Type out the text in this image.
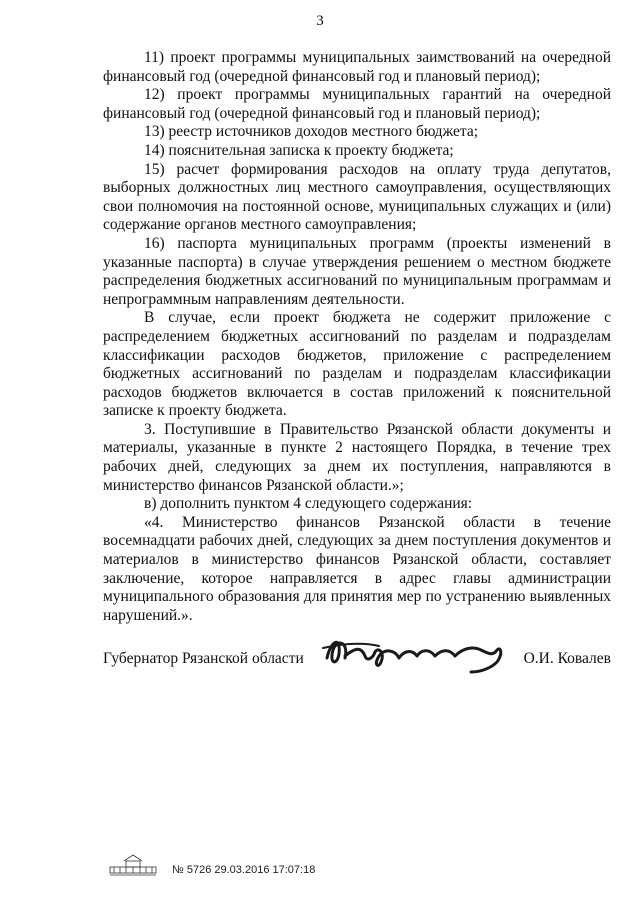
3

11) проект программы муниципальных заимствований на очередной финансовый год (очередной финансовый год и плановый период);

12) проект программы муниципальных гарантий на очередной финансовый год (очередной финансовый год и плановый период);

13) реестр источников доходов местного бюджета;

14) пояснительная записка к проекту бюджета;

15) расчет формирования расходов на оплату труда депутатов, выборных должностных лиц местного самоуправления, осуществляющих свои полномочия на постоянной основе, муниципальных служащих и (или) содержание органов местного самоуправления;

16) паспорта муниципальных программ (проекты изменений в указанные паспорта) в случае утверждения решением о местном бюджете распределения бюджетных ассигнований по муниципальным программам и непрограммным направлениям деятельности.

В случае, если проект бюджета не содержит приложение с распределением бюджетных ассигнований по разделам и подразделам классификации расходов бюджетов, приложение с распределением бюджетных ассигнований по разделам и подразделам классификации расходов бюджетов включается в состав приложений к пояснительной записке к проекту бюджета.

3. Поступившие в Правительство Рязанской области документы и материалы, указанные в пункте 2 настоящего Порядка, в течение трех рабочих дней, следующих за днем их поступления, направляются в министерство финансов Рязанской области.»;

в) дополнить пунктом 4 следующего содержания:

«4. Министерство финансов Рязанской области в течение восемнадцати рабочих дней, следующих за днем поступления документов и материалов в министерство финансов Рязанской области, составляет заключение, которое направляется в адрес главы администрации муниципального образования для принятия мер по устранению выявленных нарушений.».

Губернатор Рязанской области	О.И. Ковалев
№ 5726 29.03.2016 17:07:18
